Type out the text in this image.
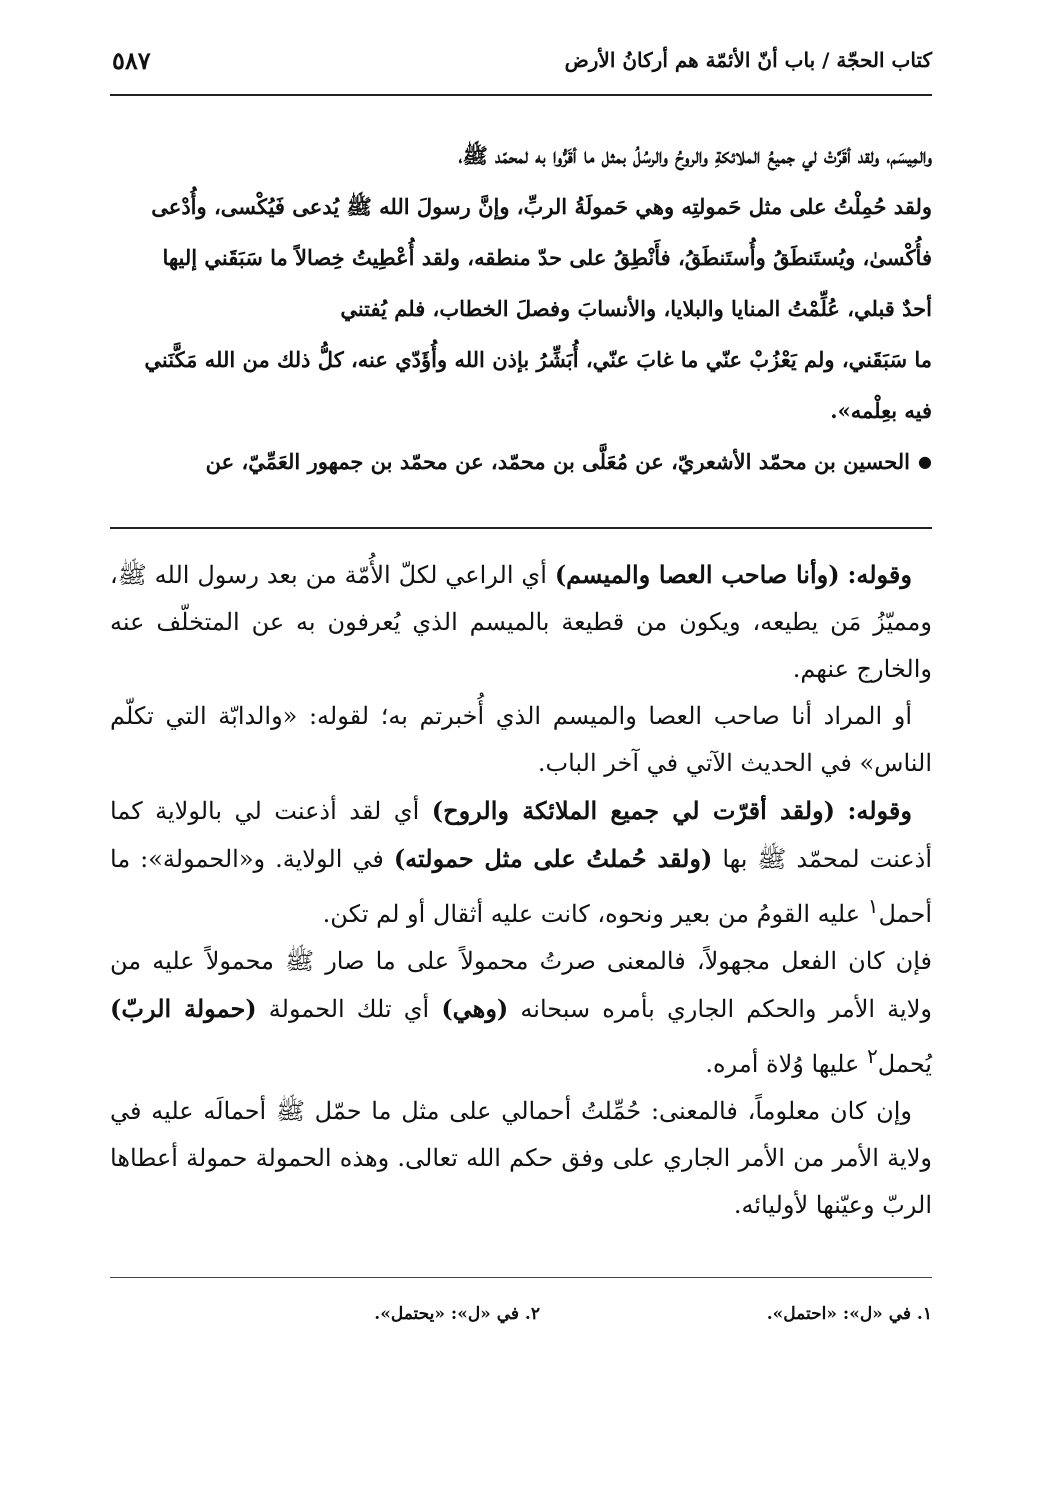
كتاب الحجّة / باب أنّ الأئمّة هم أركانُ الأرض
٥٨٧

والمِيسَم، ولقد أقَرَّتْ لي جميعُ الملائكةِ والروحُ والرسُلُ بمثل ما أقَرُّوا به لمحمّد ﷺ،

ولقد حُمِلْتُ على مثل حَمولتِه وهي حَمولَةُ الربِّ، وإنَّ رسولَ الله ﷺ يُدعى فَيُكْسى، وأُدْعى

فأُكْسىٰ، ويُستَنطَقُ وأُستَنطَقُ، فأَنْطِقُ على حدّ منطقه، ولقد أُعْطِيتُ خِصالاً ما سَبَقَني إليها

أحدٌ قبلي، عُلِّمْتُ المنايا والبلايا، والأنسابَ وفصلَ الخطاب، فلم يُفتني

ما سَبَقَني، ولم يَعْزُبْ عنّي ما غابَ عنّي، أُبَشِّرُ بإذن الله وأُؤَدّي عنه، كلُّ ذلك من الله مَكَّنَني

فيه بعِلْمه».

● الحسين بن محمّد الأشعريّ، عن مُعَلَّى بن محمّد، عن محمّد بن جمهور العَمِّيّ، عن

وقوله: (وأنا صاحب العصا والميسم) أي الراعي لكلّ الأُمّة من بعد رسول الله ﷺ، ومميّزُ مَن يطيعه، ويكون من قطيعة بالميسم الذي يُعرفون به عن المتخلّف عنه والخارج عنهم.

أو المراد أنا صاحب العصا والميسم الذي أُخبرتم به؛ لقوله: «والدابّة التي تكلّم الناس» في الحديث الآتي في آخر الباب.

وقوله: (ولقد أقرّت لي جميع الملائكة والروح) أي لقد أذعنت لي بالولاية كما أذعنت لمحمّد ﷺ بها (ولقد حُملتُ على مثل حمولته) في الولاية. و«الحمولة»: ما أحمل$^١$ عليه القومُ من بعير ونحوه، كانت عليه أثقال أو لم تكن.

فإن كان الفعل مجهولاً، فالمعنى صرتُ محمولاً على ما صار ﷺ محمولاً عليه من ولاية الأمر والحكم الجاري بأمره سبحانه (وهي) أي تلك الحمولة (حمولة الربّ) يُحمل$^٢$ عليها وُلاة أمره.

وإن كان معلوماً، فالمعنى: حُمِّلتُ أحمالي على مثل ما حمّل ﷺ أحمالَه عليه في ولاية الأمر من الأمر الجاري على وفق حكم الله تعالى. وهذه الحمولة حمولة أعطاها الربّ وعيّنها لأوليائه.

١. في «ل»: «احتمل».
٢. في «ل»: «يحتمل».
